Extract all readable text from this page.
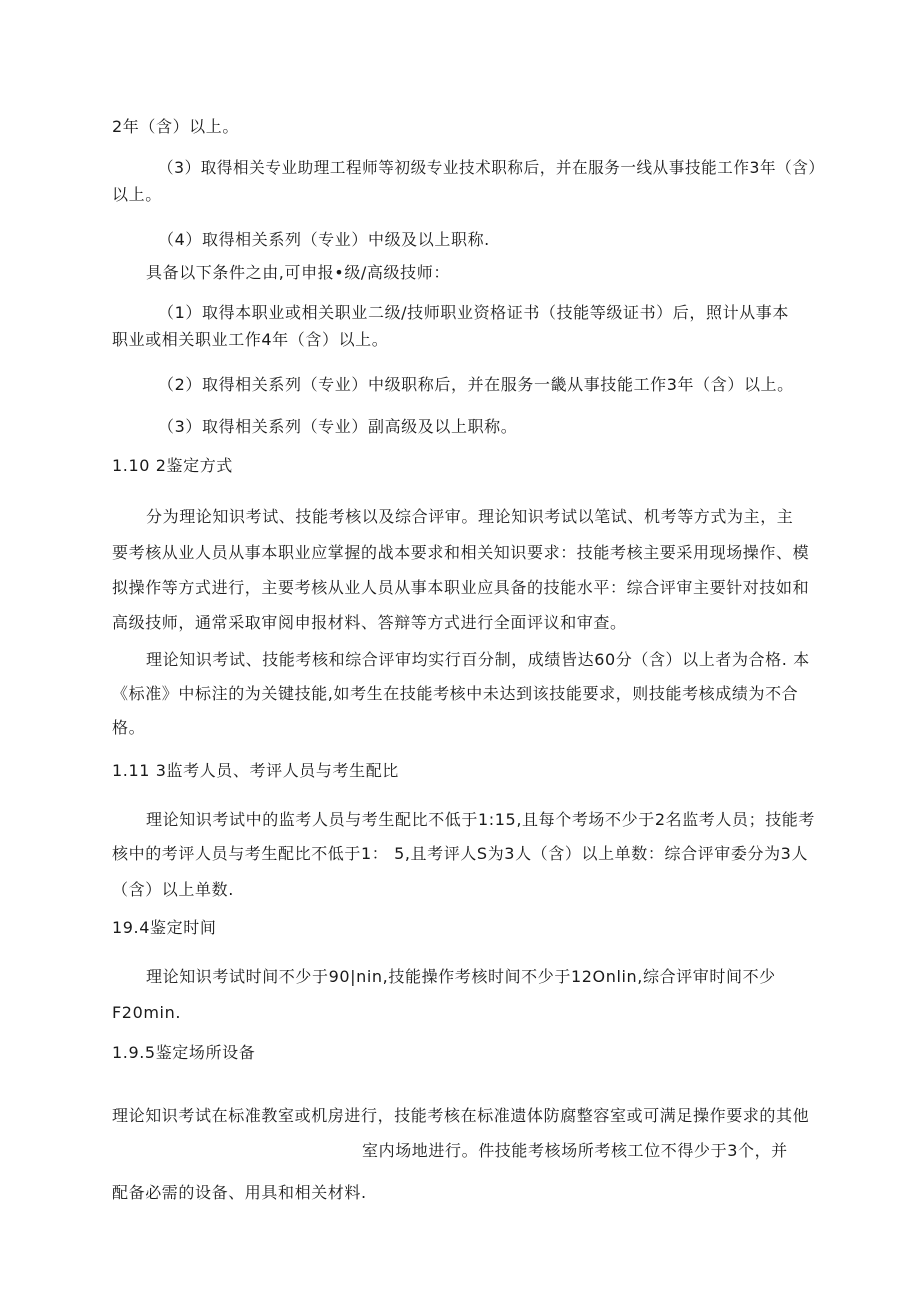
2年（含）以上。
（3）取得相关专业助理工程师等初级专业技术职称后，并在服务一线从事技能工作3年（含）
以上。
（4）取得相关系列（专业）中级及以上职称.
具备以下条件之由,可申报•级/高级技师：
（1）取得本职业或相关职业二级/技师职业资格证书（技能等级证书）后，照计从事本
职业或相关职业工作4年（含）以上。
（2）取得相关系列（专业）中级职称后，并在服务一畿从事技能工作3年（含）以上。
（3）取得相关系列（专业）副高级及以上职称。
1.10 2鉴定方式
分为理论知识考试、技能考核以及综合评审。理论知识考试以笔试、机考等方式为主，主
要考核从业人员从事本职业应掌握的战本要求和相关知识要求：技能考核主要采用现场操作、模
拟操作等方式进行，主要考核从业人员从事本职业应具备的技能水平：综合评审主要针对技如和
高级技师，通常采取审阅申报材料、答辩等方式进行全面评议和审查。
理论知识考试、技能考核和综合评审均实行百分制，成绩皆达60分（含）以上者为合格. 本
《标准》中标注的为关键技能,如考生在技能考核中未达到该技能要求，则技能考核成绩为不合
格。
1.11 3监考人员、考评人员与考生配比
理论知识考试中的监考人员与考生配比不低于1:15,且每个考场不少于2名监考人员；技能考
核中的考评人员与考生配比不低于1： 5,且考评人S为3人（含）以上单数：综合评审委分为3人
（含）以上单数.
19.4鉴定时间
理论知识考试时间不少于90|nin,技能操作考核时间不少于12Onlin,综合评审时间不少
F20min.
1.9.5鉴定场所设备
理论知识考试在标准教室或机房进行，技能考核在标准遗体防腐整容室或可满足操作要求的其他
室内场地进行。件技能考核场所考核工位不得少于3个，并
配备必需的设备、用具和相关材料.
